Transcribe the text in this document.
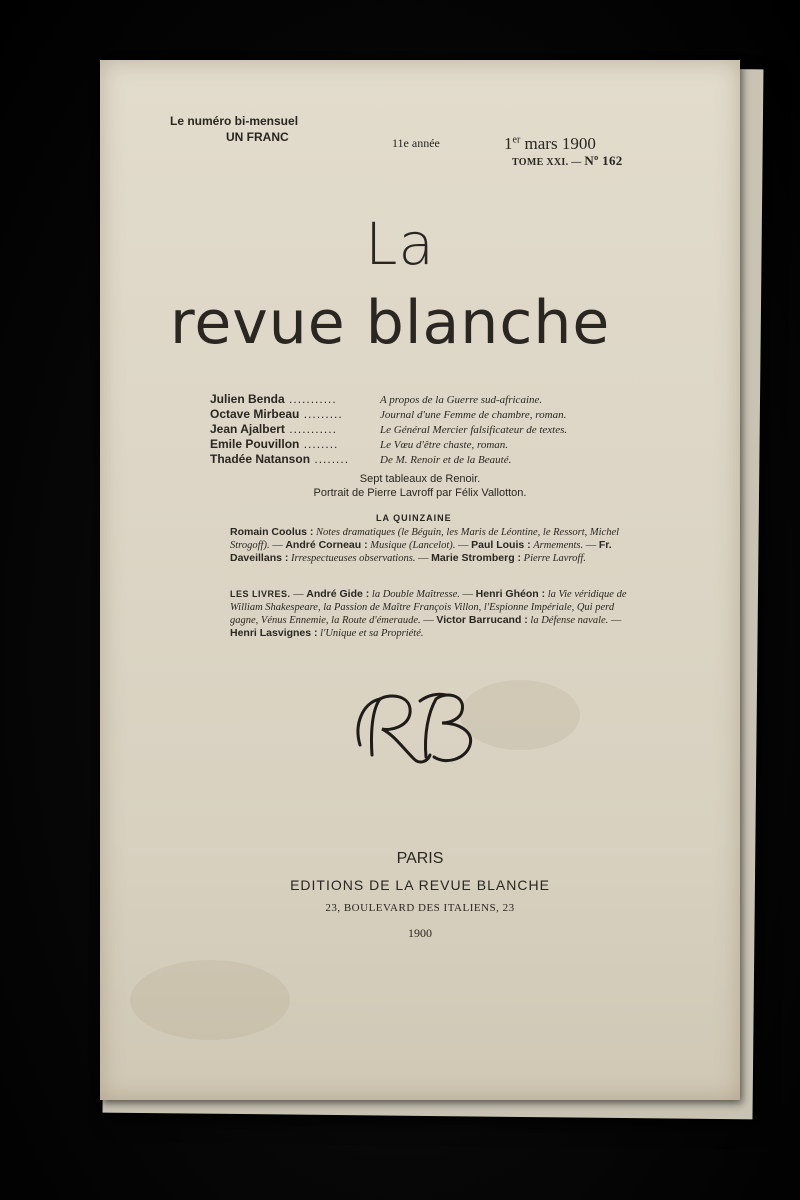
Le numéro bi-mensuel
UN FRANC	11e année	1er mars 1900
TOME XXI. — Nº 162
La
revue blanche
Julien Benda ...........	A propos de la Guerre sud-africaine.
Octave Mirbeau .........	Journal d'une Femme de chambre, roman.
Jean Ajalbert ...........	Le Général Mercier falsificateur de textes.
Emile Pouvillon ........	Le Vœu d'être chaste, roman.
Thadée Natanson ........	De M. Renoir et de la Beauté.
Sept tableaux de Renoir.
Portrait de Pierre Lavroff par Félix Vallotton.
LA QUINZAINE
Romain Coolus : Notes dramatiques (le Béguin, les Maris de Léontine, le Ressort, Michel Strogoff). — André Corneau : Musique (Lancelot). — Paul Louis : Armements. — Fr. Daveillans : Irrespectueuses observations. — Marie Stromberg : Pierre Lavroff.
LES LIVRES. — André Gide : la Double Maîtresse. — Henri Ghéon : la Vie véridique de William Shakespeare, la Passion de Maître François Villon, l'Espionne Impériale, Qui perd gagne, Vénus Ennemie, la Route d'émeraude. — Victor Barrucand : la Défense navale. — Henri Lasvignes : l'Unique et sa Propriété.
PARIS
EDITIONS DE LA REVUE BLANCHE
23, BOULEVARD DES ITALIENS, 23
1900
